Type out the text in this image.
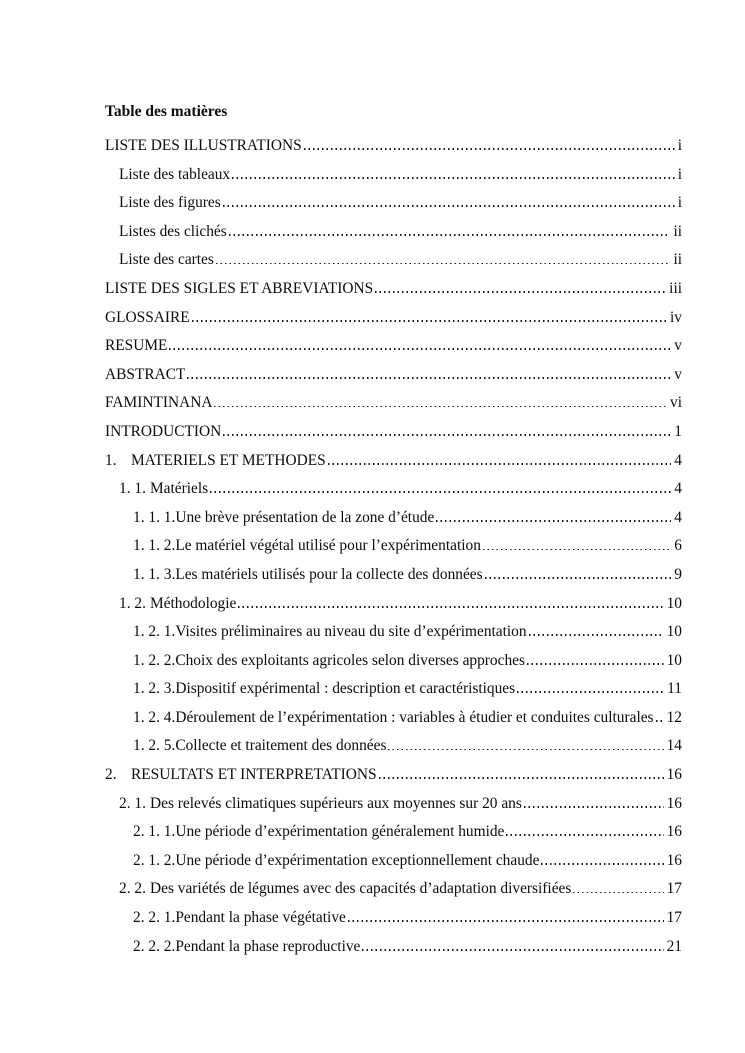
Table des matières
LISTE DES ILLUSTRATIONS	i
Liste des tableaux	i
Liste des figures	i
Listes des clichés	ii
Liste des cartes	ii
LISTE DES SIGLES ET ABREVIATIONS	iii
GLOSSAIRE	iv
RESUME	v
ABSTRACT	v
FAMINTINANA	vi
INTRODUCTION	1
1. MATERIELS ET METHODES	4
1. 1. Matériels	4
1. 1. 1. Une brève présentation de la zone d’étude	4
1. 1. 2. Le matériel végétal utilisé pour l’expérimentation	6
1. 1. 3. Les matériels utilisés pour la collecte des données	9
1. 2. Méthodologie	10
1. 2. 1. Visites préliminaires au niveau du site d’expérimentation	10
1. 2. 2. Choix des exploitants agricoles selon diverses approches	10
1. 2. 3. Dispositif expérimental : description et caractéristiques	11
1. 2. 4. Déroulement de l’expérimentation : variables à étudier et conduites culturales 12
1. 2. 5. Collecte et traitement des données	14
2. RESULTATS ET INTERPRETATIONS	16
2. 1. Des relevés climatiques supérieurs aux moyennes sur 20 ans	16
2. 1. 1. Une période d’expérimentation généralement humide	16
2. 1. 2. Une période d’expérimentation exceptionnellement chaude	16
2. 2. Des variétés de légumes avec des capacités d’adaptation diversifiées	17
2. 2. 1. Pendant la phase végétative	17
2. 2. 2. Pendant la phase reproductive	21
